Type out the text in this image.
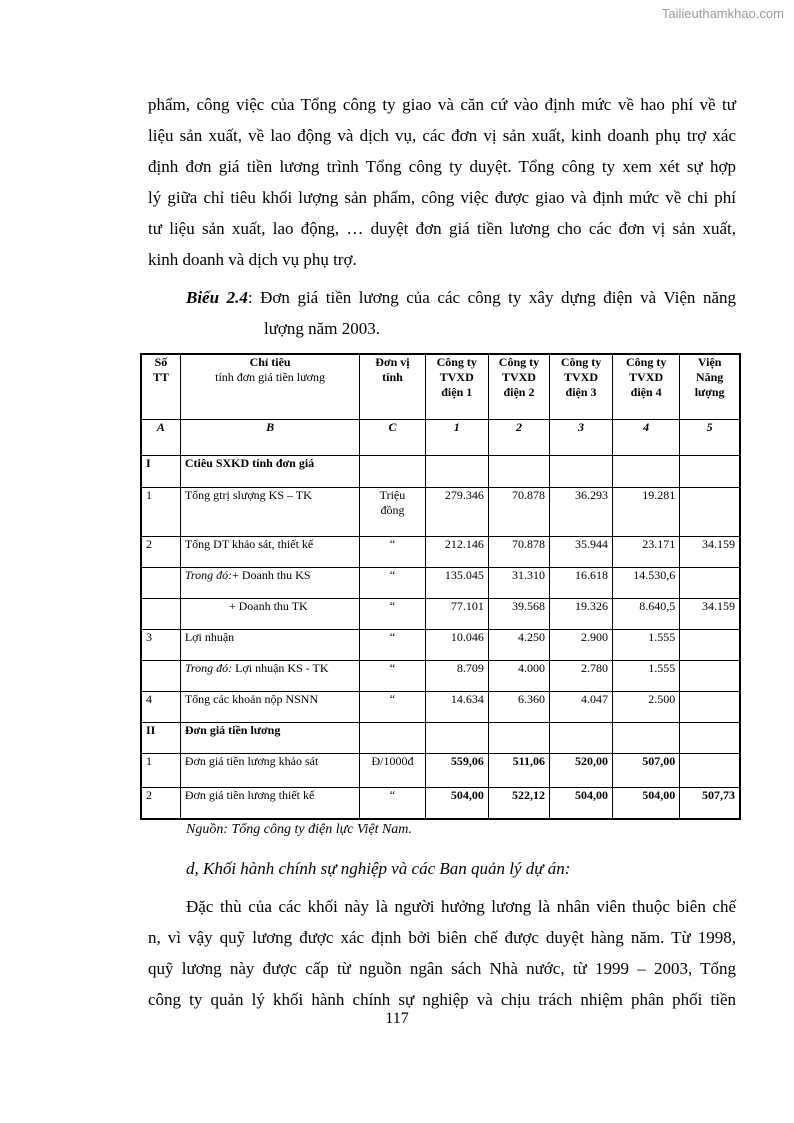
Tailieuthamkhao.com
phẩm, công việc của Tổng công ty giao và căn cứ vào định mức về hao phí về tư
liệu sản xuất, về lao động và dịch vụ, các đơn vị sản xuất, kinh doanh phụ trợ xác
định đơn giá tiền lương trình Tổng công ty duyệt. Tổng công ty xem xét sự hợp
lý giữa chỉ tiêu khối lượng sản phẩm, công việc được giao và định mức về chi phí
tư liệu sản xuất, lao động, … duyệt đơn giá tiền lương cho các đơn vị sản xuất,
kinh doanh và dịch vụ phụ trợ.
Biểu 2.4: Đơn giá tiền lương của các công ty xây dựng điện và Viện năng
lượng năm 2003.
Số
TT	Chỉ tiêu
tính đơn giá tiền lương	Đơn vị
tính	Công ty
TVXD
điện 1	Công ty
TVXD
điện 2	Công ty
TVXD
điện 3	Công ty
TVXD
điện 4	Viện
Năng
lượng
A	B	C	1	2	3	4	5
I	Ctiêu SXKD tính đơn giá						
1	Tổng gtrị slượng KS – TK	Triệu
đồng	279.346	70.878	36.293	19.281	
2	Tổng DT khảo sát, thiết kế	“	212.146	70.878	35.944	23.171	34.159
	Trong đó:+ Doanh thu KS	“	135.045	31.310	16.618	14.530,6	
	+ Doanh thu TK	“	77.101	39.568	19.326	8.640,5	34.159
3	Lợi nhuận	“	10.046	4.250	2.900	1.555	
	Trong đó: Lợi nhuận KS - TK	“	8.709	4.000	2.780	1.555	
4	Tổng các khoản nộp NSNN	“	14.634	6.360	4.047	2.500	
II	Đơn giá tiền lương						
1	Đơn giá tiền lương khảo sát	Đ/1000đ	559,06	511,06	520,00	507,00	
2	Đơn giá tiền lương thiết kế	“	504,00	522,12	504,00	504,00	507,73
Nguồn: Tổng công ty điện lực Việt Nam.
d, Khối hành chính sự nghiệp và các Ban quản lý dự án:
Đặc thù của các khối này là người hưởng lương là nhân viên thuộc biên chế
n, vì vậy quỹ lương được xác định bởi biên chế được duyệt hàng năm. Từ 1998,
quỹ lương này được cấp từ nguồn ngân sách Nhà nước, từ 1999 – 2003, Tổng
công ty quản lý khối hành chính sự nghiệp và chịu trách nhiệm phân phối tiền
117
